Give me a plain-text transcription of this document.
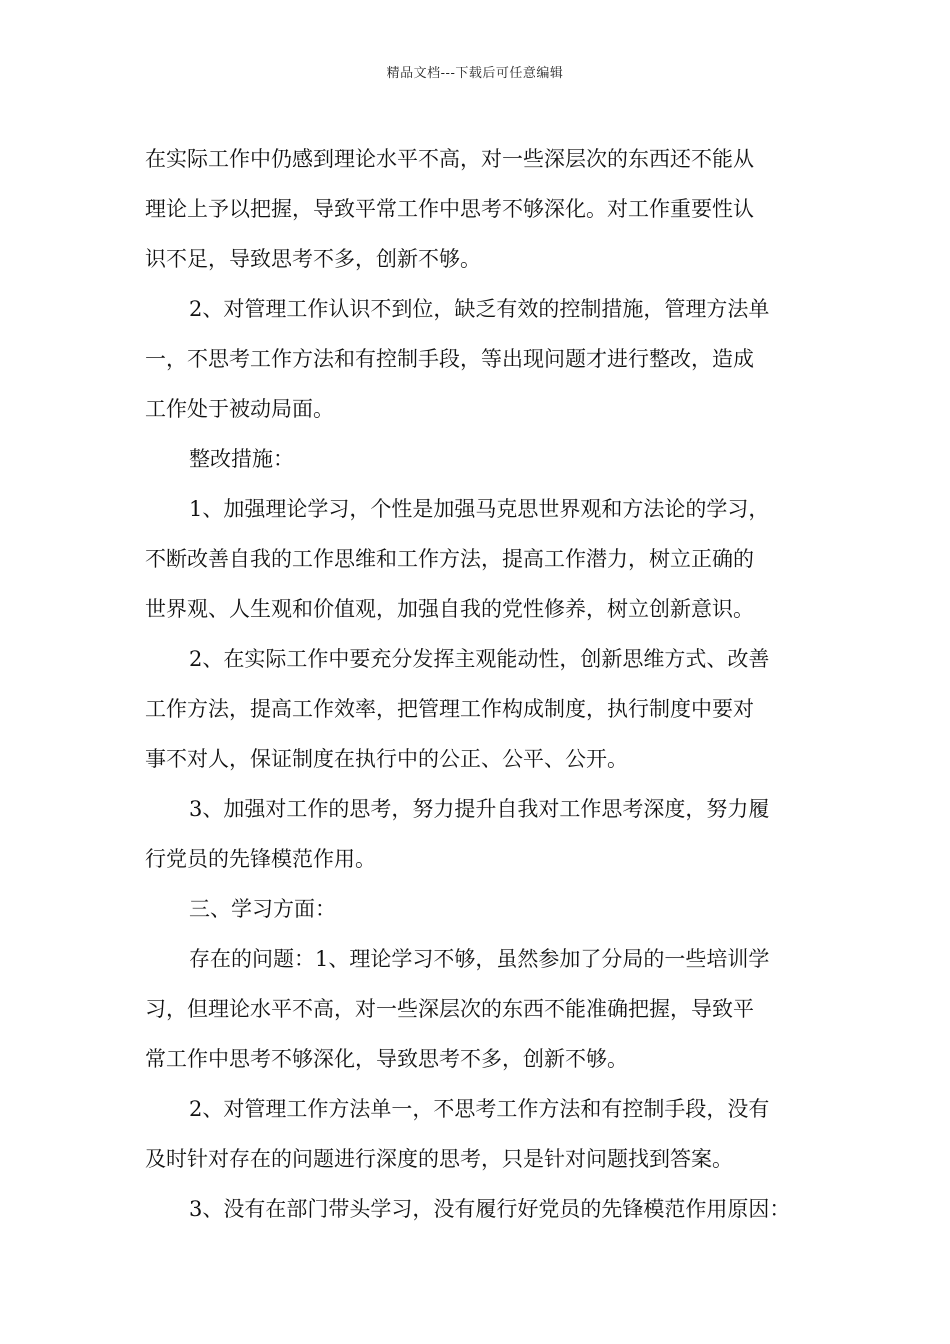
精品文档---下载后可任意编辑
在实际工作中仍感到理论水平不高，对一些深层次的东西还不能从
理论上予以把握，导致平常工作中思考不够深化。对工作重要性认
识不足，导致思考不多，创新不够。
2、对管理工作认识不到位，缺乏有效的控制措施，管理方法单
一，不思考工作方法和有控制手段，等出现问题才进行整改，造成
工作处于被动局面。
整改措施：
1、加强理论学习，个性是加强马克思世界观和方法论的学习，
不断改善自我的工作思维和工作方法，提高工作潜力，树立正确的
世界观、人生观和价值观，加强自我的党性修养，树立创新意识。
2、在实际工作中要充分发挥主观能动性，创新思维方式、改善
工作方法，提高工作效率，把管理工作构成制度，执行制度中要对
事不对人，保证制度在执行中的公正、公平、公开。
3、加强对工作的思考，努力提升自我对工作思考深度，努力履
行党员的先锋模范作用。
三、学习方面：
存在的问题：1、理论学习不够，虽然参加了分局的一些培训学
习，但理论水平不高，对一些深层次的东西不能准确把握，导致平
常工作中思考不够深化，导致思考不多，创新不够。
2、对管理工作方法单一，不思考工作方法和有控制手段，没有
及时针对存在的问题进行深度的思考，只是针对问题找到答案。
3、没有在部门带头学习，没有履行好党员的先锋模范作用原因：
